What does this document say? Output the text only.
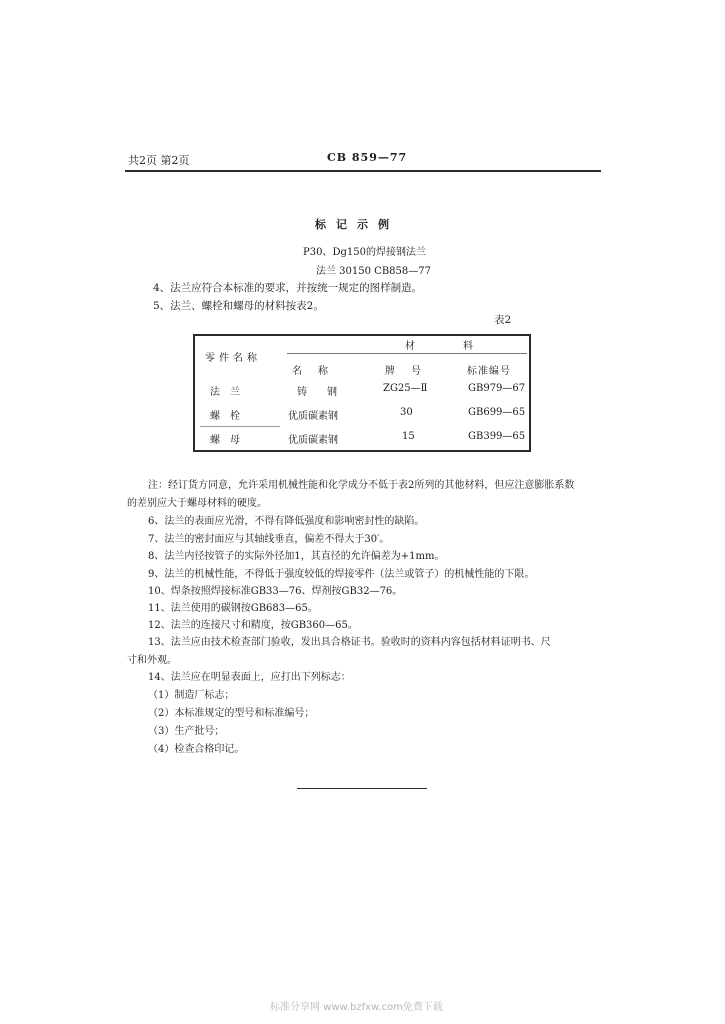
共2页 第2页	CB 859—77
标记示例
P30、Dg150的焊接钢法兰
法兰 30150 CB858—77
4、法兰应符合本标准的要求，并按统一规定的图样制造。
5、法兰、螺栓和螺母的材料按表2。
表2
材	料
零件名称
名　称	牌　号	标准编号
法　兰	铸　　钢	ZG25—Ⅱ	GB979—67
螺　栓	优质碳素钢	30	GB699—65
螺　母	优质碳素钢	15	GB399—65
注：经订货方同意，允许采用机械性能和化学成分不低于表2所列的其他材料，但应注意膨胀系数
的差别应大于螺母材料的硬度。
6、法兰的表面应光滑，不得有降低强度和影响密封性的缺陷。
7、法兰的密封面应与其轴线垂直，偏差不得大于30′。
8、法兰内径按管子的实际外径加1，其直径的允许偏差为+1mm。
9、法兰的机械性能，不得低于强度较低的焊接零件（法兰或管子）的机械性能的下限。
10、焊条按照焊接标准GB33—76、焊剂按GB32—76。
11、法兰使用的碳钢按GB683—65。
12、法兰的连接尺寸和精度，按GB360—65。
13、法兰应由技术检查部门验收，发出具合格证书。验收时的资料内容包括材料证明书、尺
寸和外观。
14、法兰应在明显表面上，应打出下列标志：
（1）制造厂标志；
（2）本标准规定的型号和标准编号；
（3）生产批号；
（4）检查合格印记。
标准分享网 www.bzfxw.com免费下载
